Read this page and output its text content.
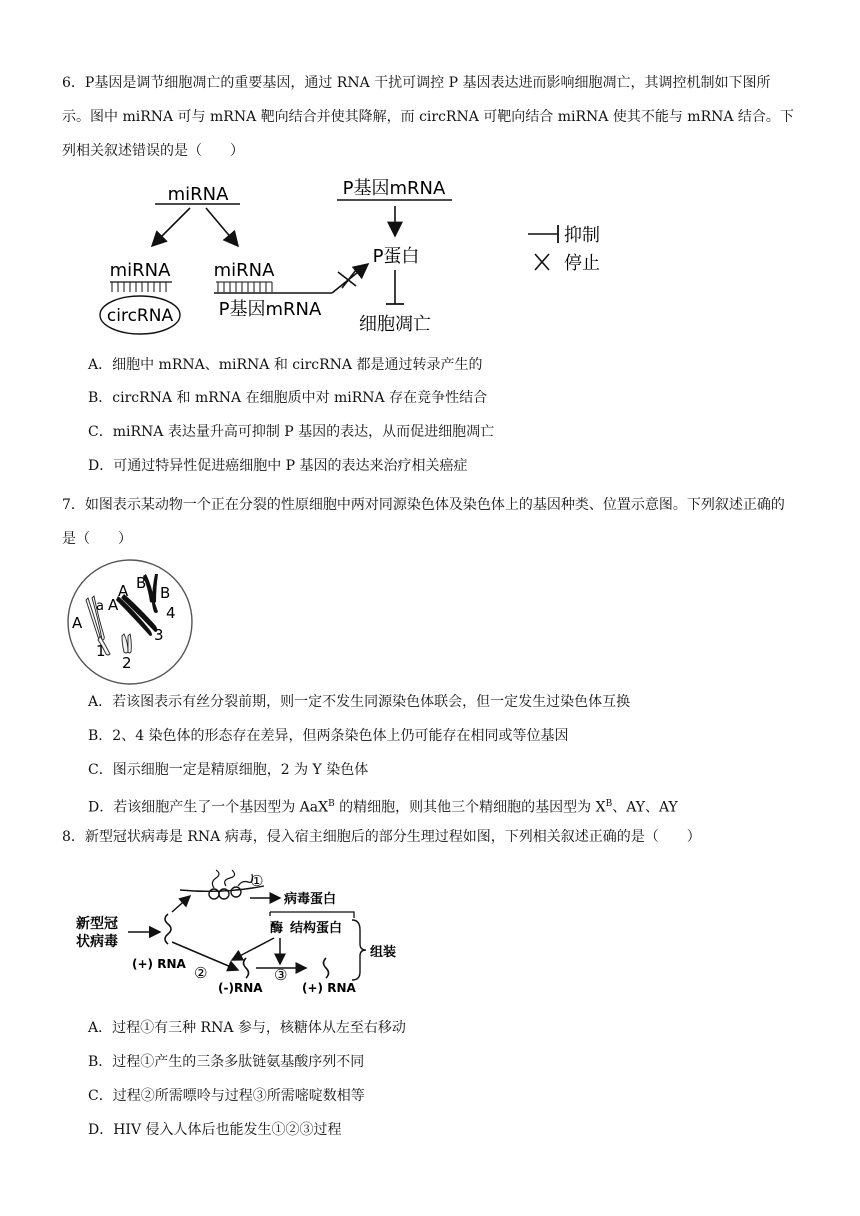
6．P基因是调节细胞凋亡的重要基因，通过 RNA 干扰可调控 P 基因表达进而影响细胞凋亡，其调控机制如下图所示。图中 miRNA 可与 mRNA 靶向结合并使其降解，而 circRNA 可靶向结合 miRNA 使其不能与 mRNA 结合。下列相关叙述错误的是（　　）
miRNA
miRNA
circRNA
miRNA
P基因mRNA
P基因mRNA
P蛋白
细胞凋亡
抑制
停止
A．细胞中 mRNA、miRNA 和 circRNA 都是通过转录产生的
B．circRNA 和 mRNA 在细胞质中对 miRNA 存在竞争性结合
C．miRNA 表达量升高可抑制 P 基因的表达，从而促进细胞凋亡
D．可通过特异性促进癌细胞中 P 基因的表达来治疗相关癌症
7．如图表示某动物一个正在分裂的性原细胞中两对同源染色体及染色体上的基因种类、位置示意图。下列叙述正确的是（　　）
A
a A
A B
B
4
3
1
2
A．若该图表示有丝分裂前期，则一定不发生同源染色体联会，但一定发生过染色体互换
B．2、4 染色体的形态存在差异，但两条染色体上仍可能存在相同或等位基因
C．图示细胞一定是精原细胞，2 为 Y 染色体
D．若该细胞产生了一个基因型为 AaX$^B$ 的精细胞，则其他三个精细胞的基因型为 $X^B$、AY、AY
8．新型冠状病毒是 RNA 病毒，侵入宿主细胞后的部分生理过程如图，下列相关叙述正确的是（　　）
新型冠
状病毒
(+) RNA
①
病毒蛋白
酶 结构蛋白
②
(-)RNA
③
(+) RNA
组装
A．过程①有三种 RNA 参与，核糖体从左至右移动
B．过程①产生的三条多肽链氨基酸序列不同
C．过程②所需嘌呤与过程③所需嘧啶数相等
D．HIV 侵入人体后也能发生①②③过程
